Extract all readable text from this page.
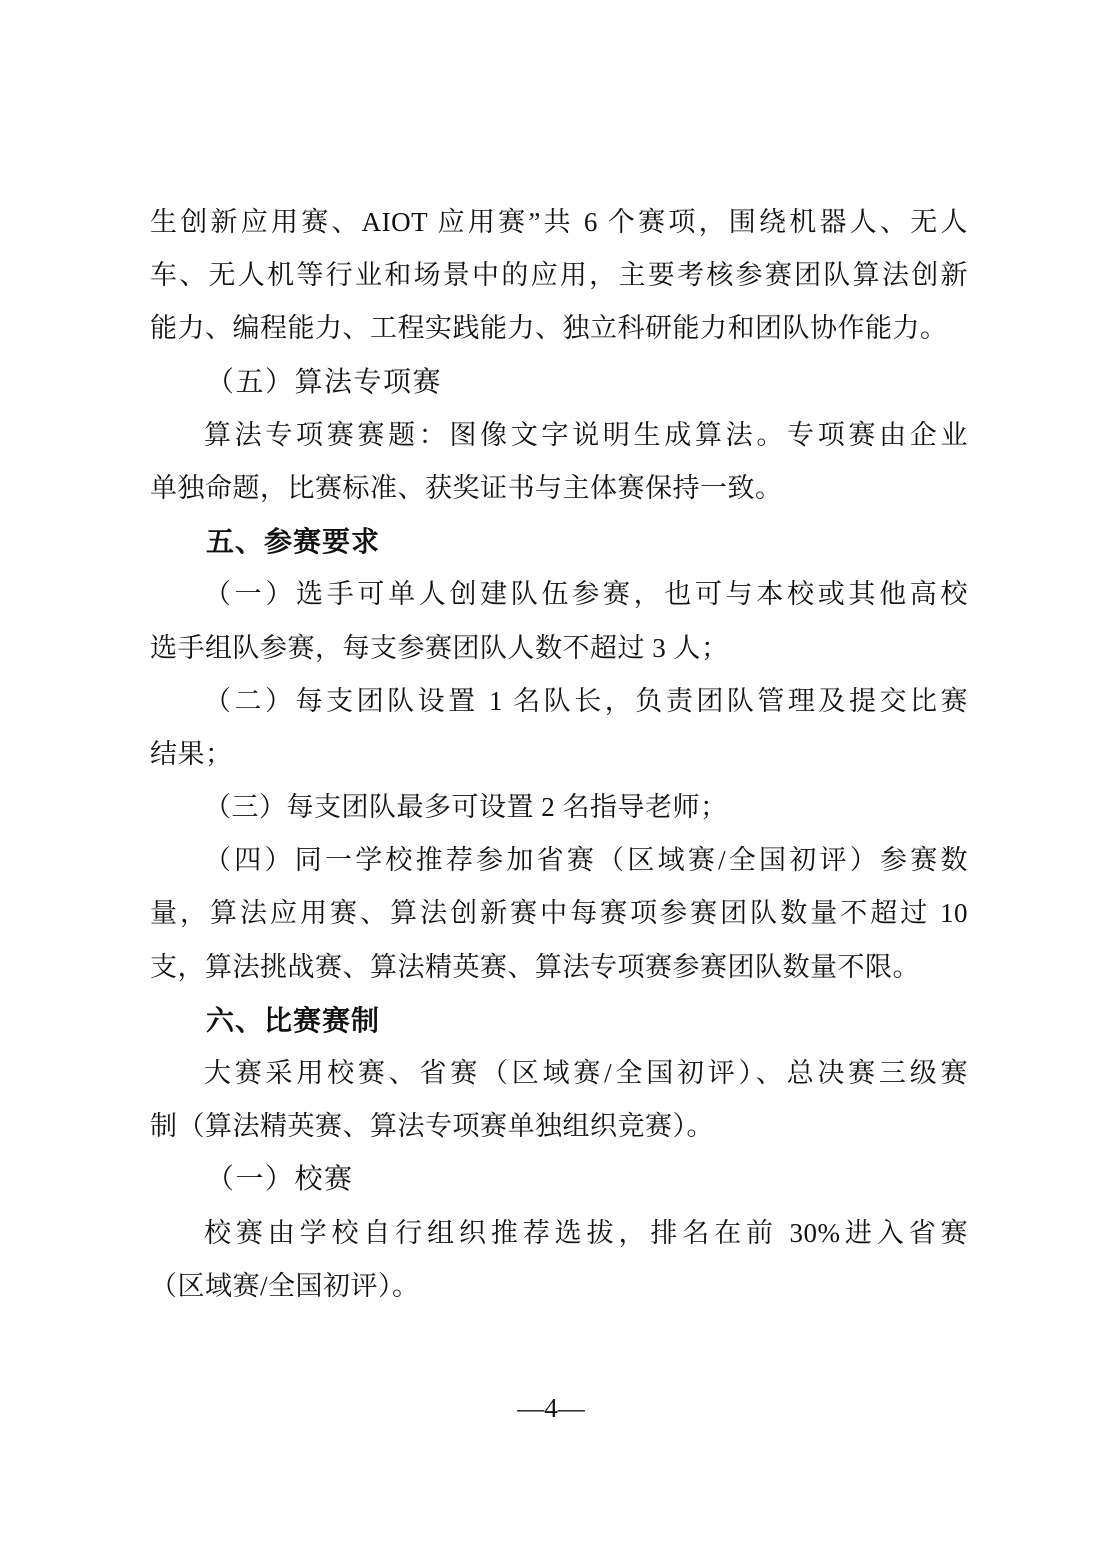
生创新应用赛、AIOT 应用赛”共 6 个赛项，围绕机器人、无人
车、无人机等行业和场景中的应用，主要考核参赛团队算法创新
能力、编程能力、工程实践能力、独立科研能力和团队协作能力。
（五）算法专项赛
算法专项赛赛题：图像文字说明生成算法。专项赛由企业
单独命题，比赛标准、获奖证书与主体赛保持一致。
五、参赛要求
（一）选手可单人创建队伍参赛，也可与本校或其他高校
选手组队参赛，每支参赛团队人数不超过 3 人；
（二）每支团队设置 1 名队长，负责团队管理及提交比赛
结果；
（三）每支团队最多可设置 2 名指导老师；
（四）同一学校推荐参加省赛（区域赛/全国初评）参赛数
量，算法应用赛、算法创新赛中每赛项参赛团队数量不超过 10
支，算法挑战赛、算法精英赛、算法专项赛参赛团队数量不限。
六、比赛赛制
大赛采用校赛、省赛（区域赛/全国初评）、总决赛三级赛
制（算法精英赛、算法专项赛单独组织竞赛）。
（一）校赛
校赛由学校自行组织推荐选拔，排名在前 30%进入省赛
（区域赛/全国初评）。
—4—
